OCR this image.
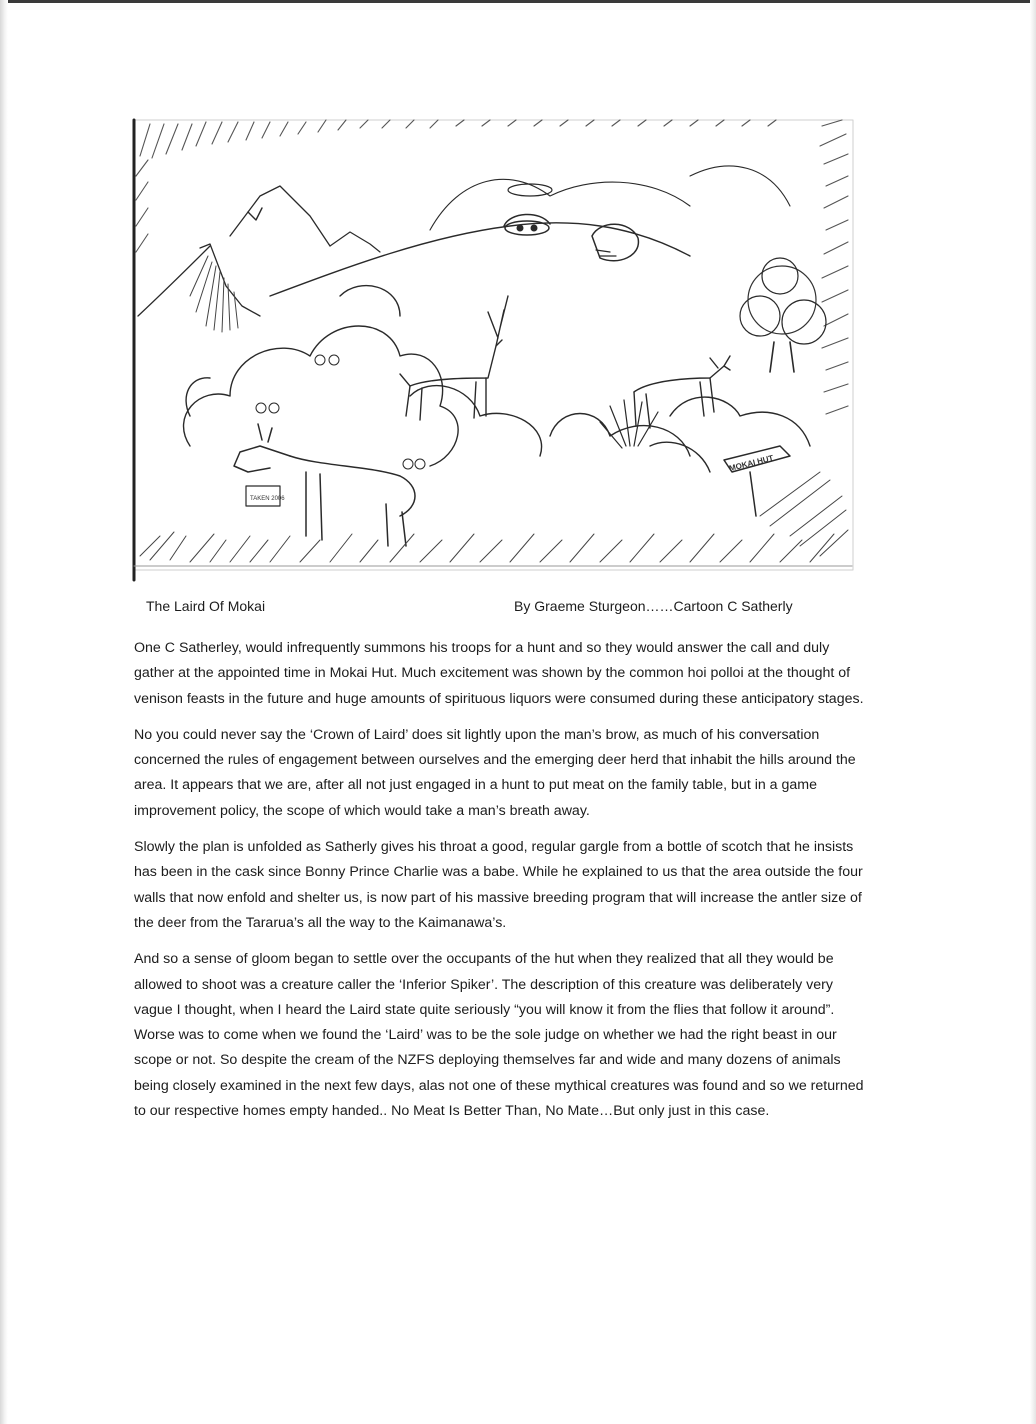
TAKEN 2006
MOKAI HUT
The Laird Of Mokai	By Graeme Sturgeon……Cartoon C Satherly

One C Satherley, would infrequently summons his troops for a hunt and so they would answer the call and duly gather at the appointed time in Mokai Hut. Much excitement was shown by the common hoi polloi at the thought of venison feasts in the future and huge amounts of spirituous liquors were consumed during these anticipatory stages.

No you could never say the ‘Crown of Laird’ does sit lightly upon the man’s brow, as much of his conversation concerned the rules of engagement between ourselves and the emerging deer herd that inhabit the hills around the area. It appears that we are, after all not just engaged in a hunt to put meat on the family table, but in a game improvement policy, the scope of which would take a man’s breath away.

Slowly the plan is unfolded as Satherly gives his throat a good, regular gargle from a bottle of scotch that he insists has been in the cask since Bonny Prince Charlie was a babe. While he explained to us that the area outside the four walls that now enfold and shelter us, is now part of his massive breeding program that will increase the antler size of the deer from the Tararua’s all the way to the Kaimanawa’s.

And so a sense of gloom began to settle over the occupants of the hut when they realized that all they would be allowed to shoot was a creature caller the ‘Inferior Spiker’. The description of this creature was deliberately very vague I thought, when I heard the Laird state quite seriously “you will know it from the flies that follow it around”. Worse was to come when we found the ‘Laird’ was to be the sole judge on whether we had the right beast in our scope or not. So despite the cream of the NZFS deploying themselves far and wide and many dozens of animals being closely examined in the next few days, alas not one of these mythical creatures was found and so we returned to our respective homes empty handed.. No Meat Is Better Than, No Mate…But only just in this case.
